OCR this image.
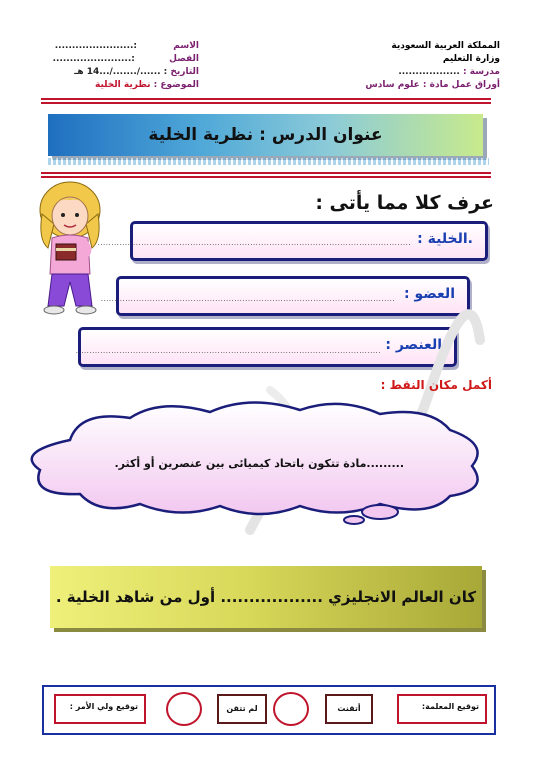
المملكة العربية السعودية
وزارة التعليم
مدرسة : ..................
أوراق عمل مادة : علوم سادس
الاسم  :.......................
الفصل  :.......................
التاريخ : ....../......./...14 هـ
الموضوع : نظرية الخلية
عنوان الدرس : نظرية الخلية
عرف كلا مما يأتى :
.الخلية :
...................................................................................................................
العضو :
............................................................................................................
العنصر :
................................................................................................................
أكمل مكان النقط :
.........مادة تتكون باتحاد كيميائى بين عنصرين أو أكثر.
كان العالم الانجليزي .................. أول من شاهد الخلية .
توقيع المعلمة:
أتقنت
لم تتقن
توقيع ولي الأمر :
